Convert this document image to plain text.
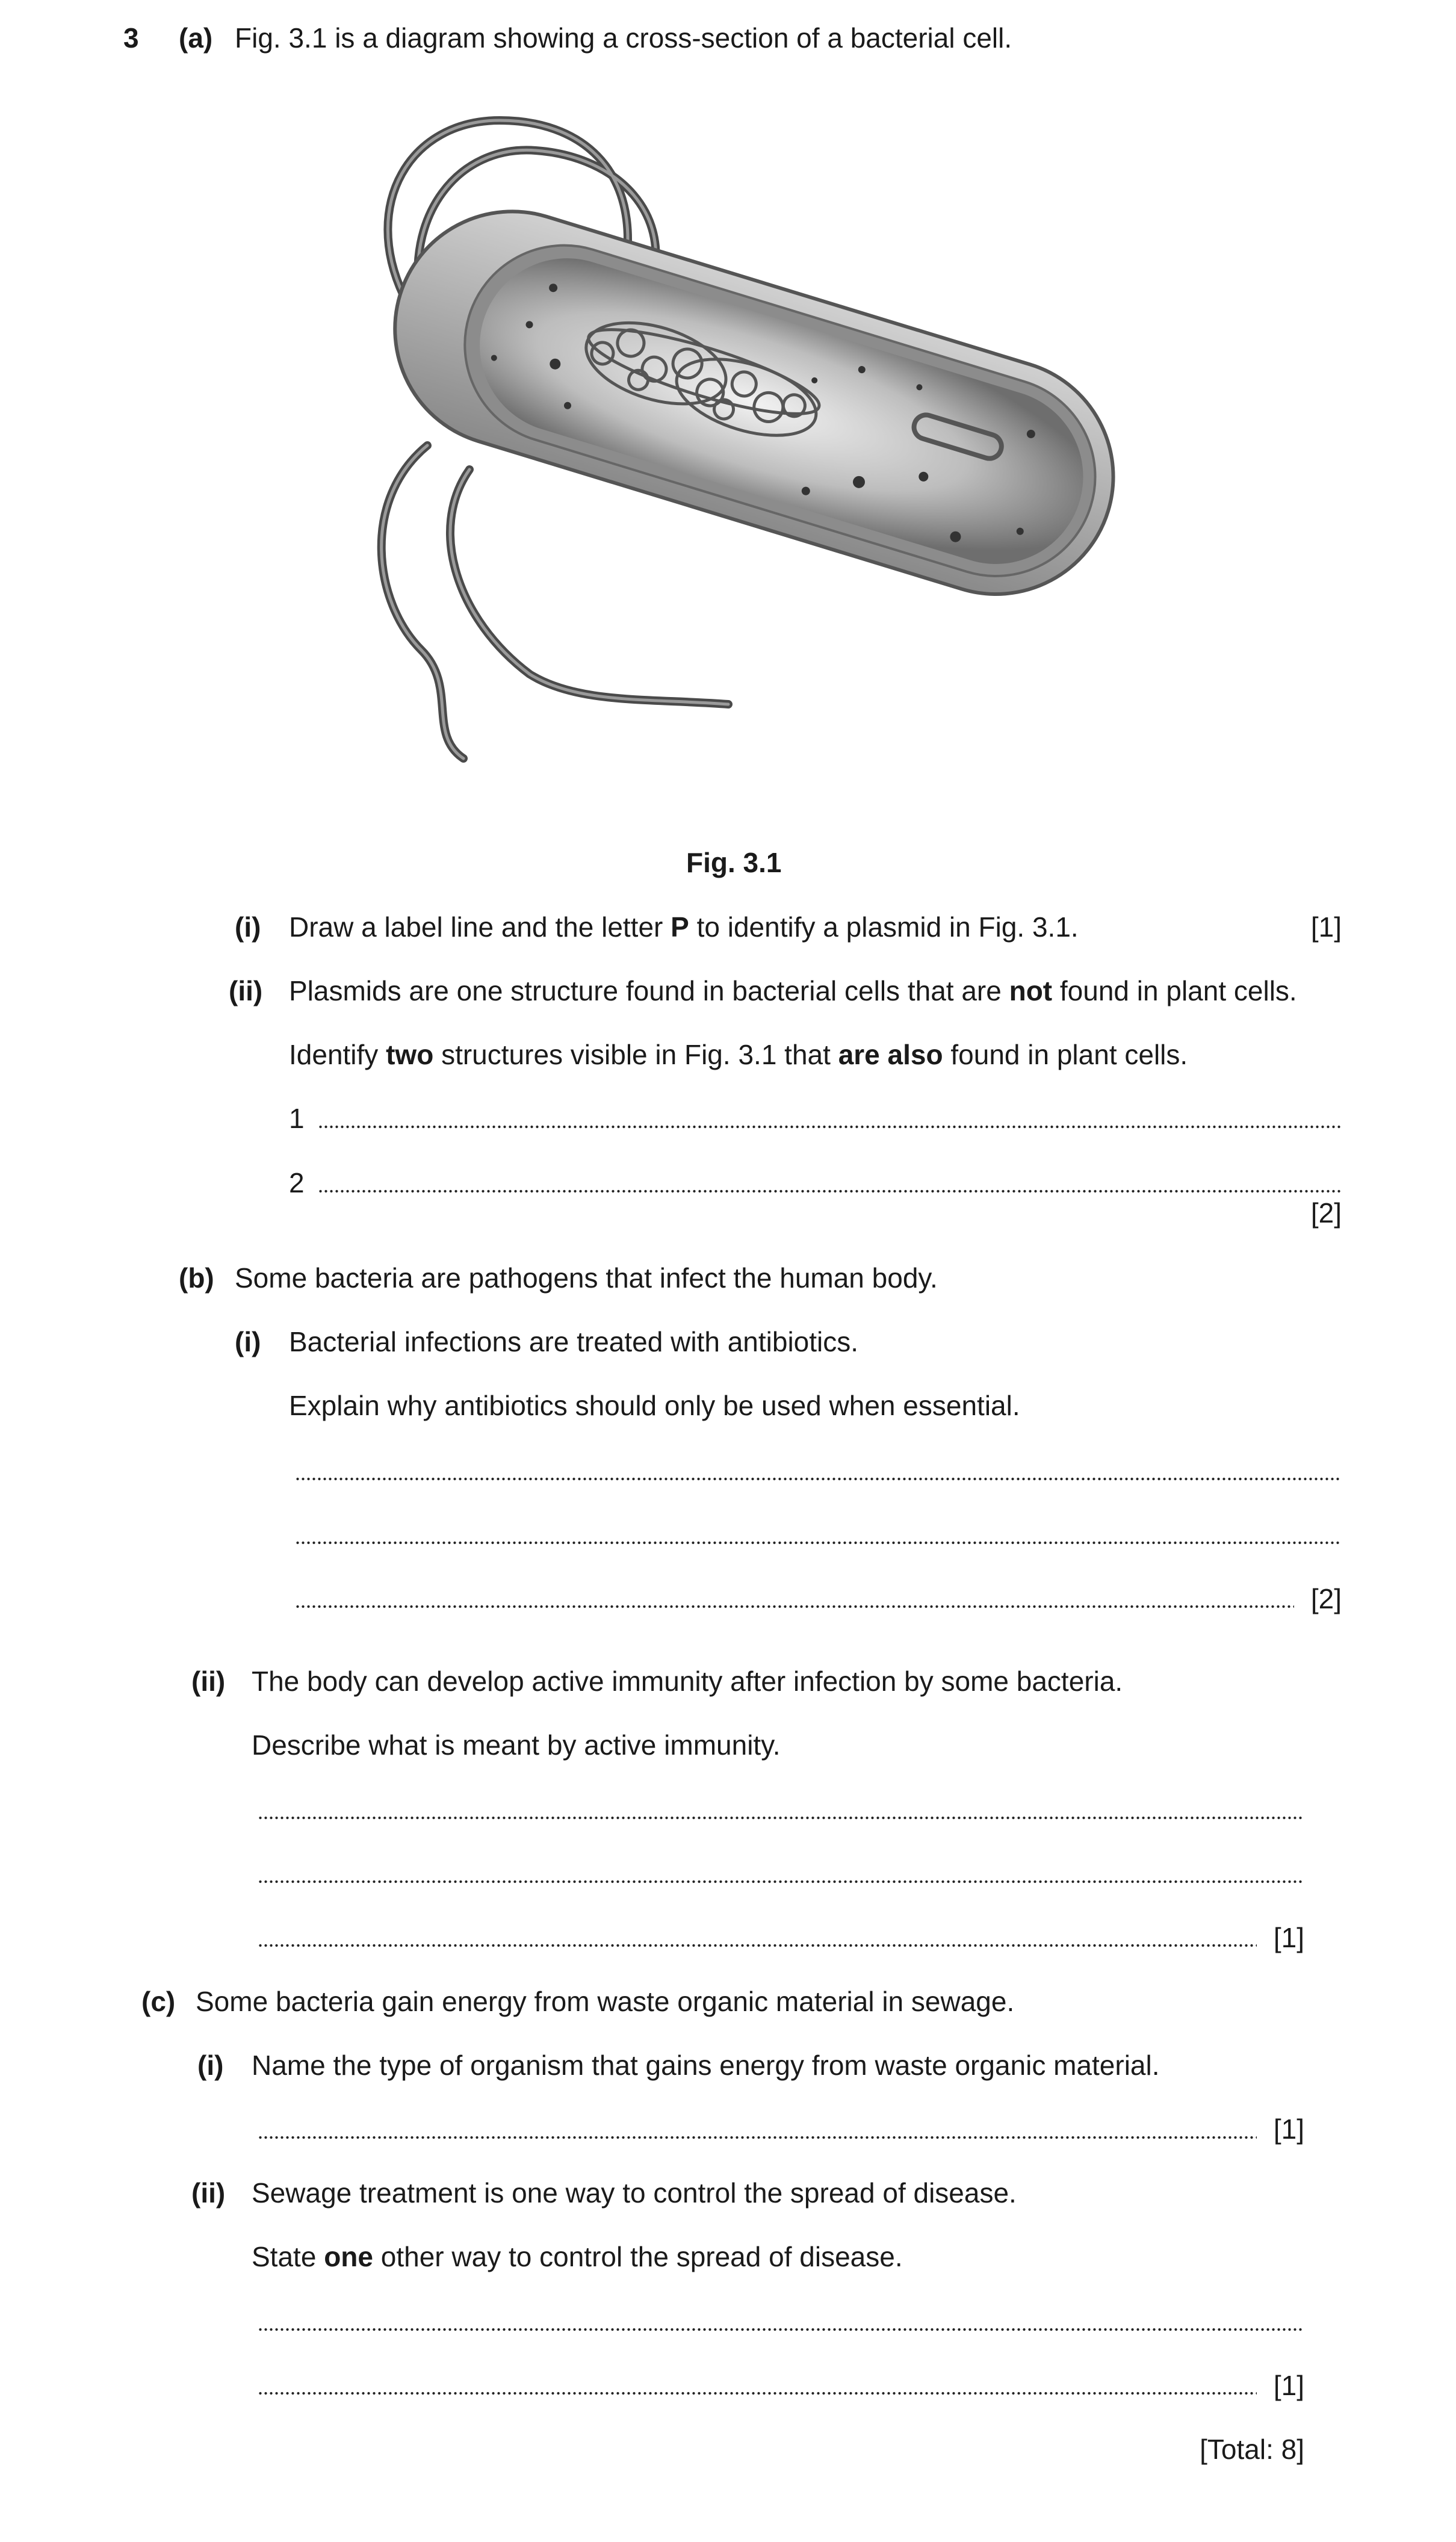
3 (a) Fig. 3.1 is a diagram showing a cross-section of a bacterial cell.
Fig. 3.1
(i) Draw a label line and the letter P to identify a plasmid in Fig. 3.1.	[1]
(ii) Plasmids are one structure found in bacterial cells that are not found in plant cells.
Identify two structures visible in Fig. 3.1 that are also found in plant cells.
1
2
[2]
(b) Some bacteria are pathogens that infect the human body.
(i) Bacterial infections are treated with antibiotics.
Explain why antibiotics should only be used when essential.
[2]
(ii) The body can develop active immunity after infection by some bacteria.
Describe what is meant by active immunity.
[1]
(c) Some bacteria gain energy from waste organic material in sewage.
(i) Name the type of organism that gains energy from waste organic material.
[1]
(ii) Sewage treatment is one way to control the spread of disease.
State one other way to control the spread of disease.
[1]
[Total: 8]
